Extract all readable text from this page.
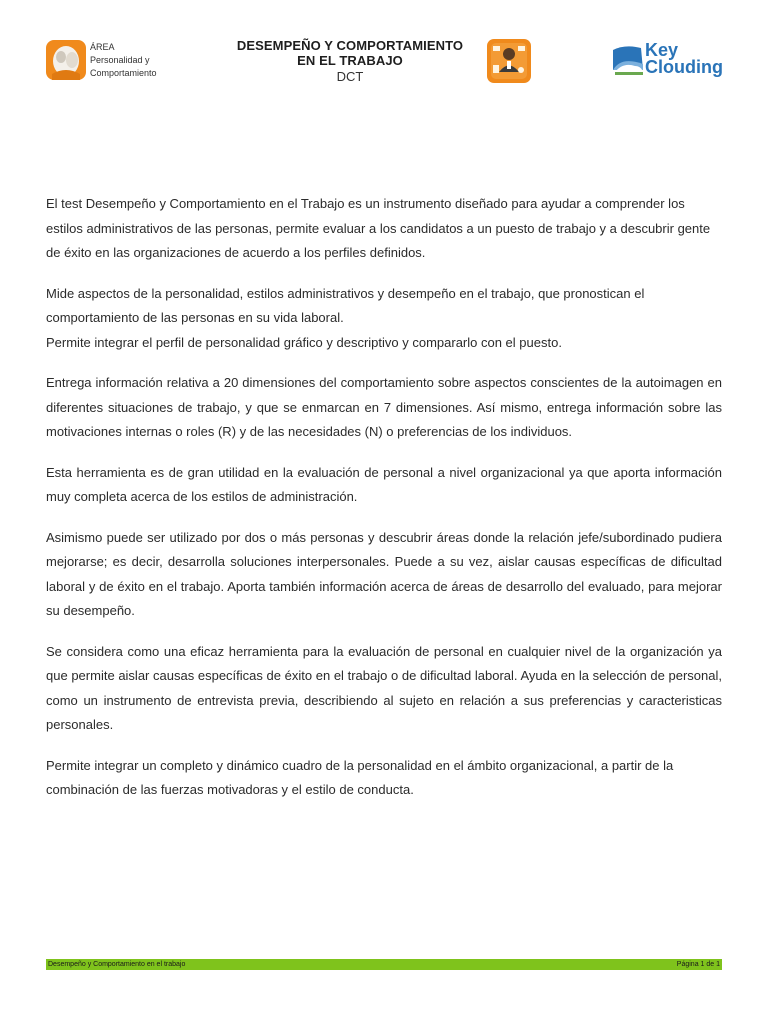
ÁREA
Personalidad y
Comportamiento
DESEMPEÑO Y COMPORTAMIENTO
EN EL TRABAJO
DCT
Key
Clouding

El test Desempeño y Comportamiento en el Trabajo es un instrumento diseñado para ayudar a comprender los estilos administrativos de las personas, permite evaluar a los candidatos a un puesto de trabajo y a descubrir gente de éxito en las organizaciones de acuerdo a los perfiles definidos.

Mide aspectos de la personalidad, estilos administrativos y desempeño en el trabajo, que pronostican el comportamiento de las personas en su vida laboral.

Permite integrar el perfil de personalidad gráfico y descriptivo y compararlo con el puesto.

Entrega información relativa a 20 dimensiones del comportamiento sobre aspectos conscientes de la autoimagen en diferentes situaciones de trabajo, y que se enmarcan en 7 dimensiones. Así mismo, entrega información sobre las motivaciones internas o roles (R) y de las necesidades (N) o preferencias de los individuos.

Esta herramienta es de gran utilidad en la evaluación de personal a nivel organizacional ya que aporta información muy completa acerca de los estilos de administración.

Asimismo puede ser utilizado por dos o más personas y descubrir áreas donde la relación jefe/subordinado pudiera mejorarse; es decir, desarrolla soluciones interpersonales. Puede a su vez, aislar causas específicas de dificultad laboral y de éxito en el trabajo. Aporta también información acerca de áreas de desarrollo del evaluado, para mejorar su desempeño.

Se considera como una eficaz herramienta para la evaluación de personal en cualquier nivel de la organización ya que permite aislar causas específicas de éxito en el trabajo o de dificultad laboral. Ayuda en la selección de personal, como un instrumento de entrevista previa, describiendo al sujeto en relación a sus preferencias y caracteristicas personales.

Permite integrar un completo y dinámico cuadro de la personalidad en el ámbito organizacional, a partir de la combinación de las fuerzas motivadoras y el estilo de conducta.

Desempeño y Comportamiento en el trabajo	Página 1 de 1
